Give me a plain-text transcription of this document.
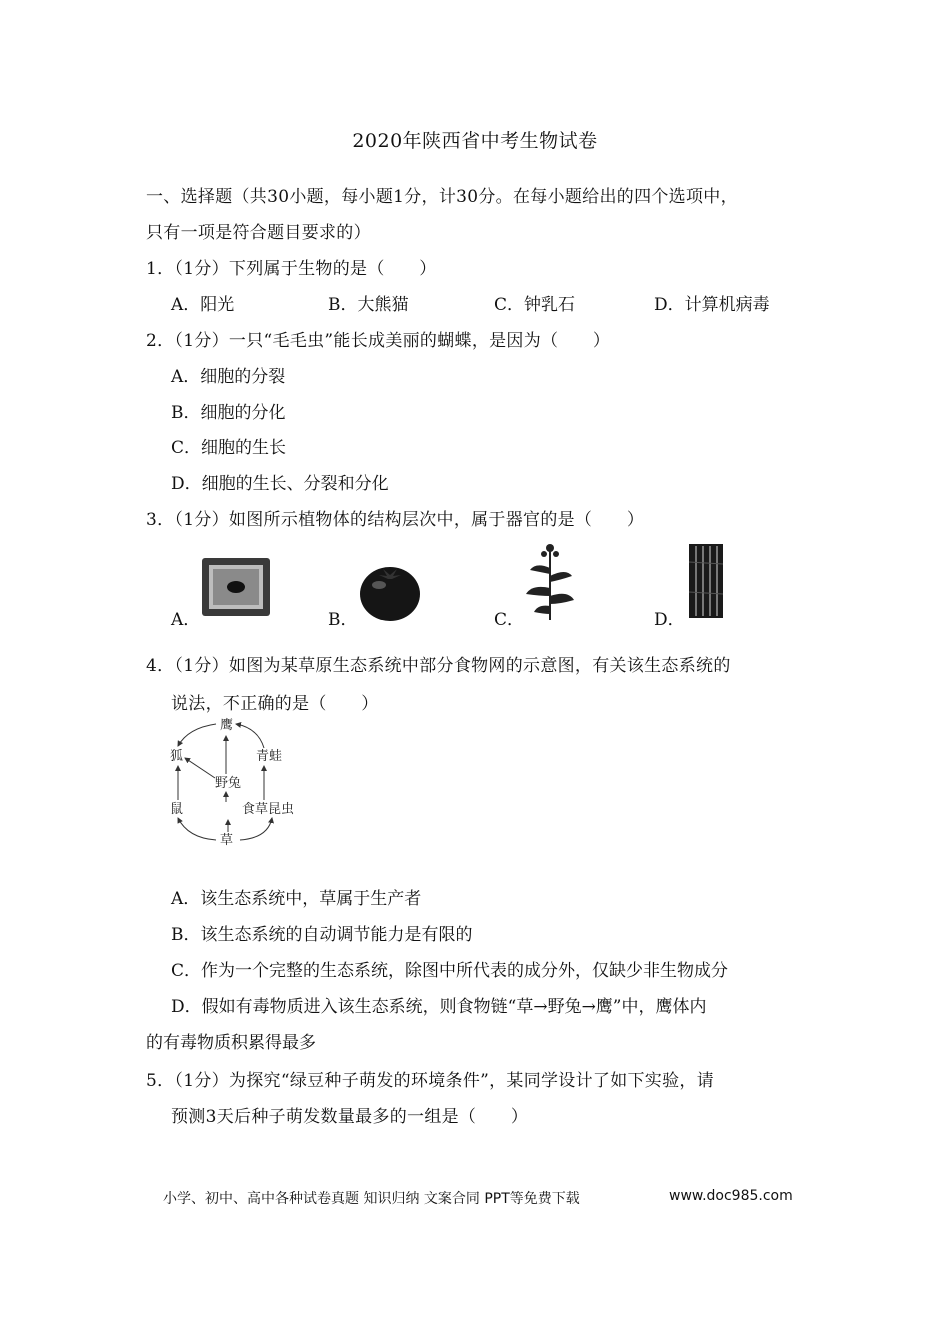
2020年陕西省中考生物试卷
一、选择题（共30小题，每小题1分，计30分。在每小题给出的四个选项中，
只有一项是符合题目要求的）
1．（1分）下列属于生物的是（　　）
A．阳光	B．大熊猫	C．钟乳石	D．计算机病毒
2．（1分）一只“毛毛虫”能长成美丽的蝴蝶，是因为（　　）
A．细胞的分裂
B．细胞的分化
C．细胞的生长
D．细胞的生长、分裂和分化
3．（1分）如图所示植物体的结构层次中，属于器官的是（　　）
A．	B．	C．	D．
4．（1分）如图为某草原生态系统中部分食物网的示意图，有关该生态系统的
说法，不正确的是（　　）
鹰
青蛙
狐
野兔
鼠	食草昆虫
草
A．该生态系统中，草属于生产者
B．该生态系统的自动调节能力是有限的
C．作为一个完整的生态系统，除图中所代表的成分外，仅缺少非生物成分
D．假如有毒物质进入该生态系统，则食物链“草→野兔→鹰”中，鹰体内
的有毒物质积累得最多
5．（1分）为探究“绿豆种子萌发的环境条件”，某同学设计了如下实验，请
预测3天后种子萌发数量最多的一组是（　　）
小学、初中、高中各种试卷真题 知识归纳 文案合同 PPT等免费下载	www.doc985.com
